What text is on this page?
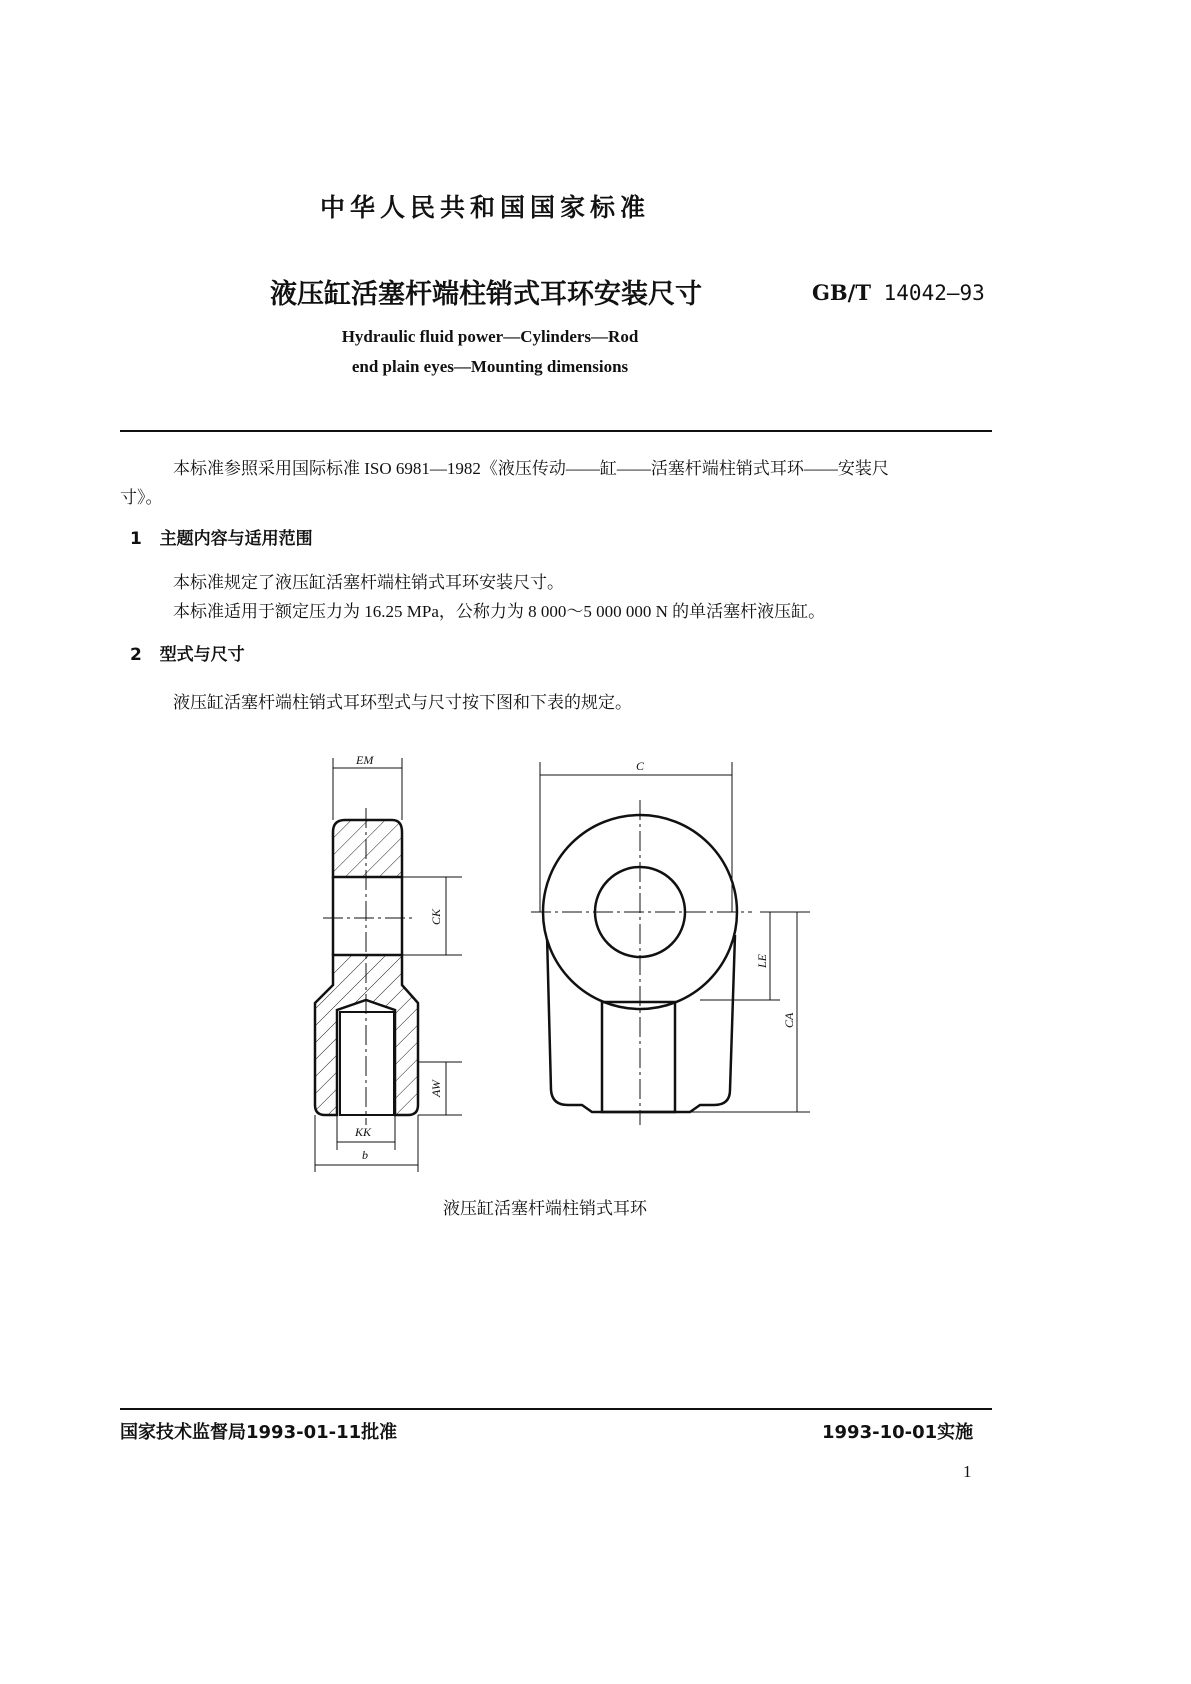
中华人民共和国国家标准
液压缸活塞杆端柱销式耳环安装尺寸	GB/T 14042—93
Hydraulic fluid power—Cylinders—Rod
end plain eyes—Mounting dimensions
本标准参照采用国际标准 ISO 6981—1982《液压传动——缸——活塞杆端柱销式耳环——安装尺
寸》。
1 主题内容与适用范围
本标准规定了液压缸活塞杆端柱销式耳环安装尺寸。
本标准适用于额定压力为 16.25 MPa，公称力为 8 000～5 000 000 N 的单活塞杆液压缸。
2 型式与尺寸
液压缸活塞杆端柱销式耳环型式与尺寸按下图和下表的规定。
EM	C
CK
LE
CA
AW
KK
b
液压缸活塞杆端柱销式耳环
国家技术监督局1993-01-11批准	1993-10-01实施
1
